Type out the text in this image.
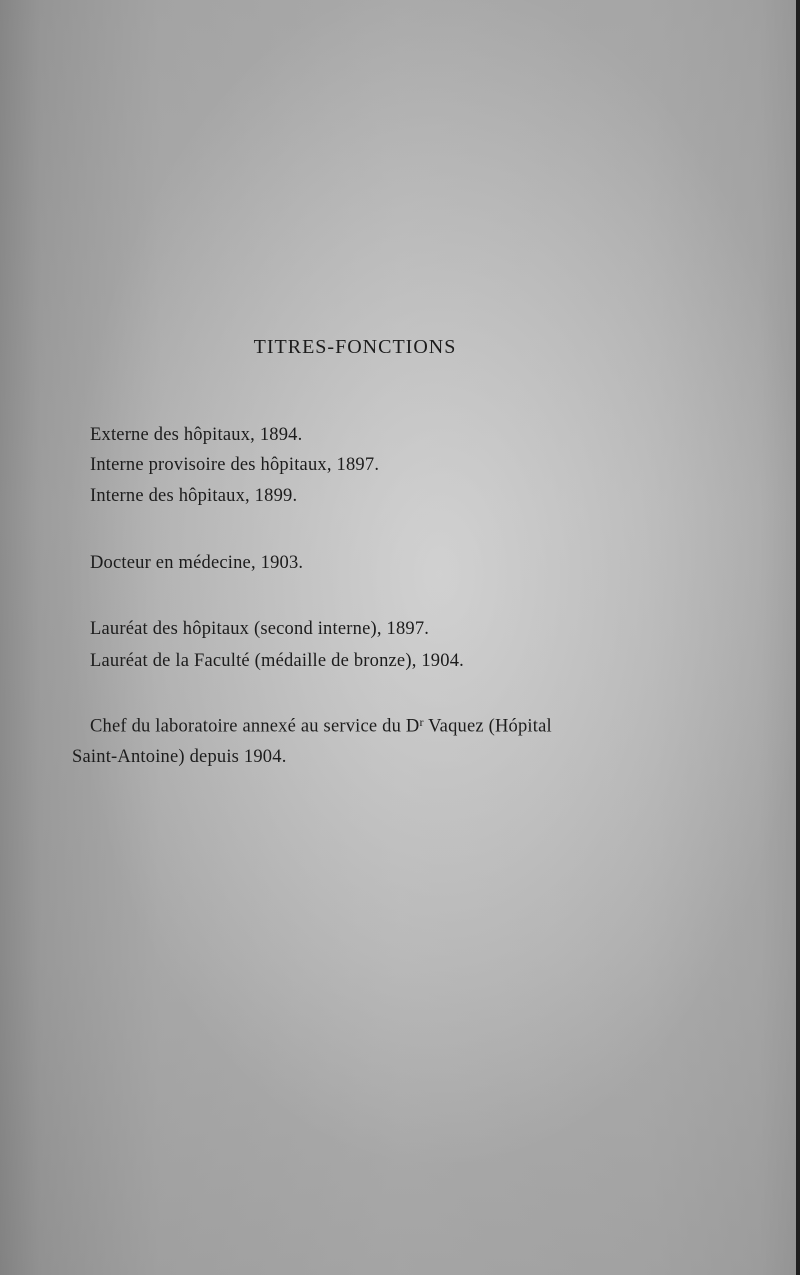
TITRES-FONCTIONS
Externe des hôpitaux, 1894.
Interne provisoire des hôpitaux, 1897.
Interne des hôpitaux, 1899.
Docteur en médecine, 1903.
Lauréat des hôpitaux (second interne), 1897.
Lauréat de la Faculté (médaille de bronze), 1904.
Chef du laboratoire annexé au service du $D^r$ Vaquez (Hópital
Saint-Antoine) depuis 1904.
